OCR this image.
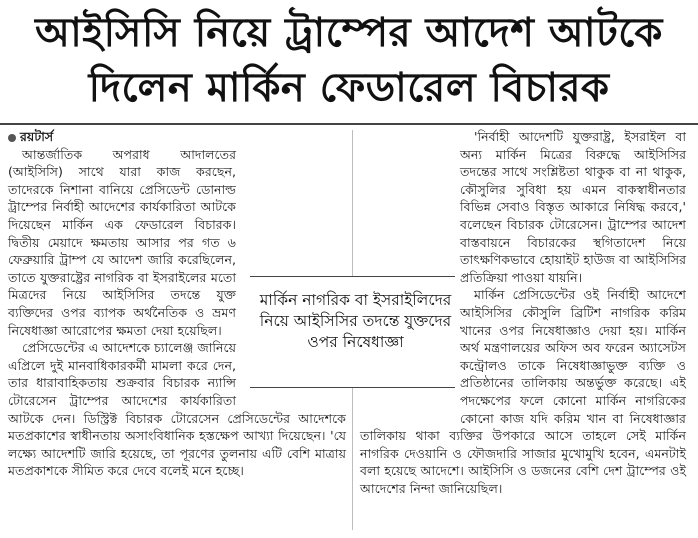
আইসিসি নিয়ে ট্রাম্পের আদেশ আটকে
দিলেন মার্কিন ফেডারেল বিচারক

রয়টার্স

আন্তর্জাতিক অপরাধ আদালতের (আইসিসি) সাথে যারা কাজ করছেন, তাদেরকে নিশানা বানিয়ে প্রেসিডেন্ট ডোনাল্ড ট্রাম্পের নির্বাহী আদেশের কার্যকারিতা আটকে দিয়েছেন মার্কিন এক ফেডারেল বিচারক। দ্বিতীয় মেয়াদে ক্ষমতায় আসার পর গত ৬ ফেব্রুয়ারি ট্রাম্প যে আদেশ জারি করেছিলেন, তাতে যুক্তরাষ্ট্রের নাগরিক বা ইসরাইলের মতো মিত্রদের নিয়ে আইসিসির তদন্তে যুক্ত ব্যক্তিদের ওপর ব্যাপক অর্থনৈতিক ও ভ্রমণ নিষেধাজ্ঞা আরোপের ক্ষমতা দেয়া হয়েছিল।

প্রেসিডেন্টের এ আদেশকে চ্যালেঞ্জ জানিয়ে এপ্রিলে দুই মানবাধিকারকর্মী মামলা করে দেন, তার ধারাবাহিকতায় শুক্রবার বিচারক ন্যান্সি টোরেসেন ট্রাম্পের আদেশের কার্যকারিতা আটকে দেন। ডিস্ট্রিক্ট বিচারক টোরেসেন প্রেসিডেন্টের আদেশকে মতপ্রকাশের স্বাধীনতায় অসাংবিধানিক হস্তক্ষেপ আখ্যা দিয়েছেন। 'যে লক্ষ্যে আদেশটি জারি হয়েছে, তা পূরণের তুলনায় এটি বেশি মাত্রায় মতপ্রকাশকে সীমিত করে দেবে বলেই মনে হচ্ছে।

'নির্বাহী আদেশটি যুক্তরাষ্ট্র, ইসরাইল বা অন্য মার্কিন মিত্রের বিরুদ্ধে আইসিসির তদন্তের সাথে সংশ্লিষ্টতা থাকুক বা না থাকুক, কৌসুলির সুবিধা হয় এমন বাকস্বাধীনতার বিভিন্ন সেবাও বিস্তৃত আকারে নিষিদ্ধ করবে,' বলেছেন বিচারক টোরেসেন। ট্রাম্পের আদেশ বাস্তবায়নে বিচারকের স্থগিতাদেশ নিয়ে তাৎক্ষণিকভাবে হোয়াইট হাউজ বা আইসিসির প্রতিক্রিয়া পাওয়া যায়নি।

মার্কিন প্রেসিডেন্টের ওই নির্বাহী আদেশে আইসিসির কৌসুলি ব্রিটিশ নাগরিক করিম খানের ওপর নিষেধাজ্ঞাও দেয়া হয়। মার্কিন অর্থ মন্ত্রণালয়ের অফিস অব ফরেন অ্যাসেটস কন্ট্রোলও তাকে নিষেধাজ্ঞাভুক্ত ব্যক্তি ও প্রতিষ্ঠানের তালিকায় অন্তর্ভুক্ত করেছে। এই পদক্ষেপের ফলে কোনো মার্কিন নাগরিকের কোনো কাজ যদি করিম খান বা নিষেধাজ্ঞার তালিকায় থাকা ব্যক্তির উপকারে আসে তাহলে সেই মার্কিন নাগরিক দেওয়ানি ও ফৌজদারি সাজার মুখোমুখি হবেন, এমনটাই বলা হয়েছে আদেশে। আইসিসি ও ডজনের বেশি দেশ ট্রাম্পের ওই আদেশের নিন্দা জানিয়েছিল।

মার্কিন নাগরিক বা ইসরাইলিদের নিয়ে আইসিসির তদন্তে যুক্তদের ওপর নিষেধাজ্ঞা
